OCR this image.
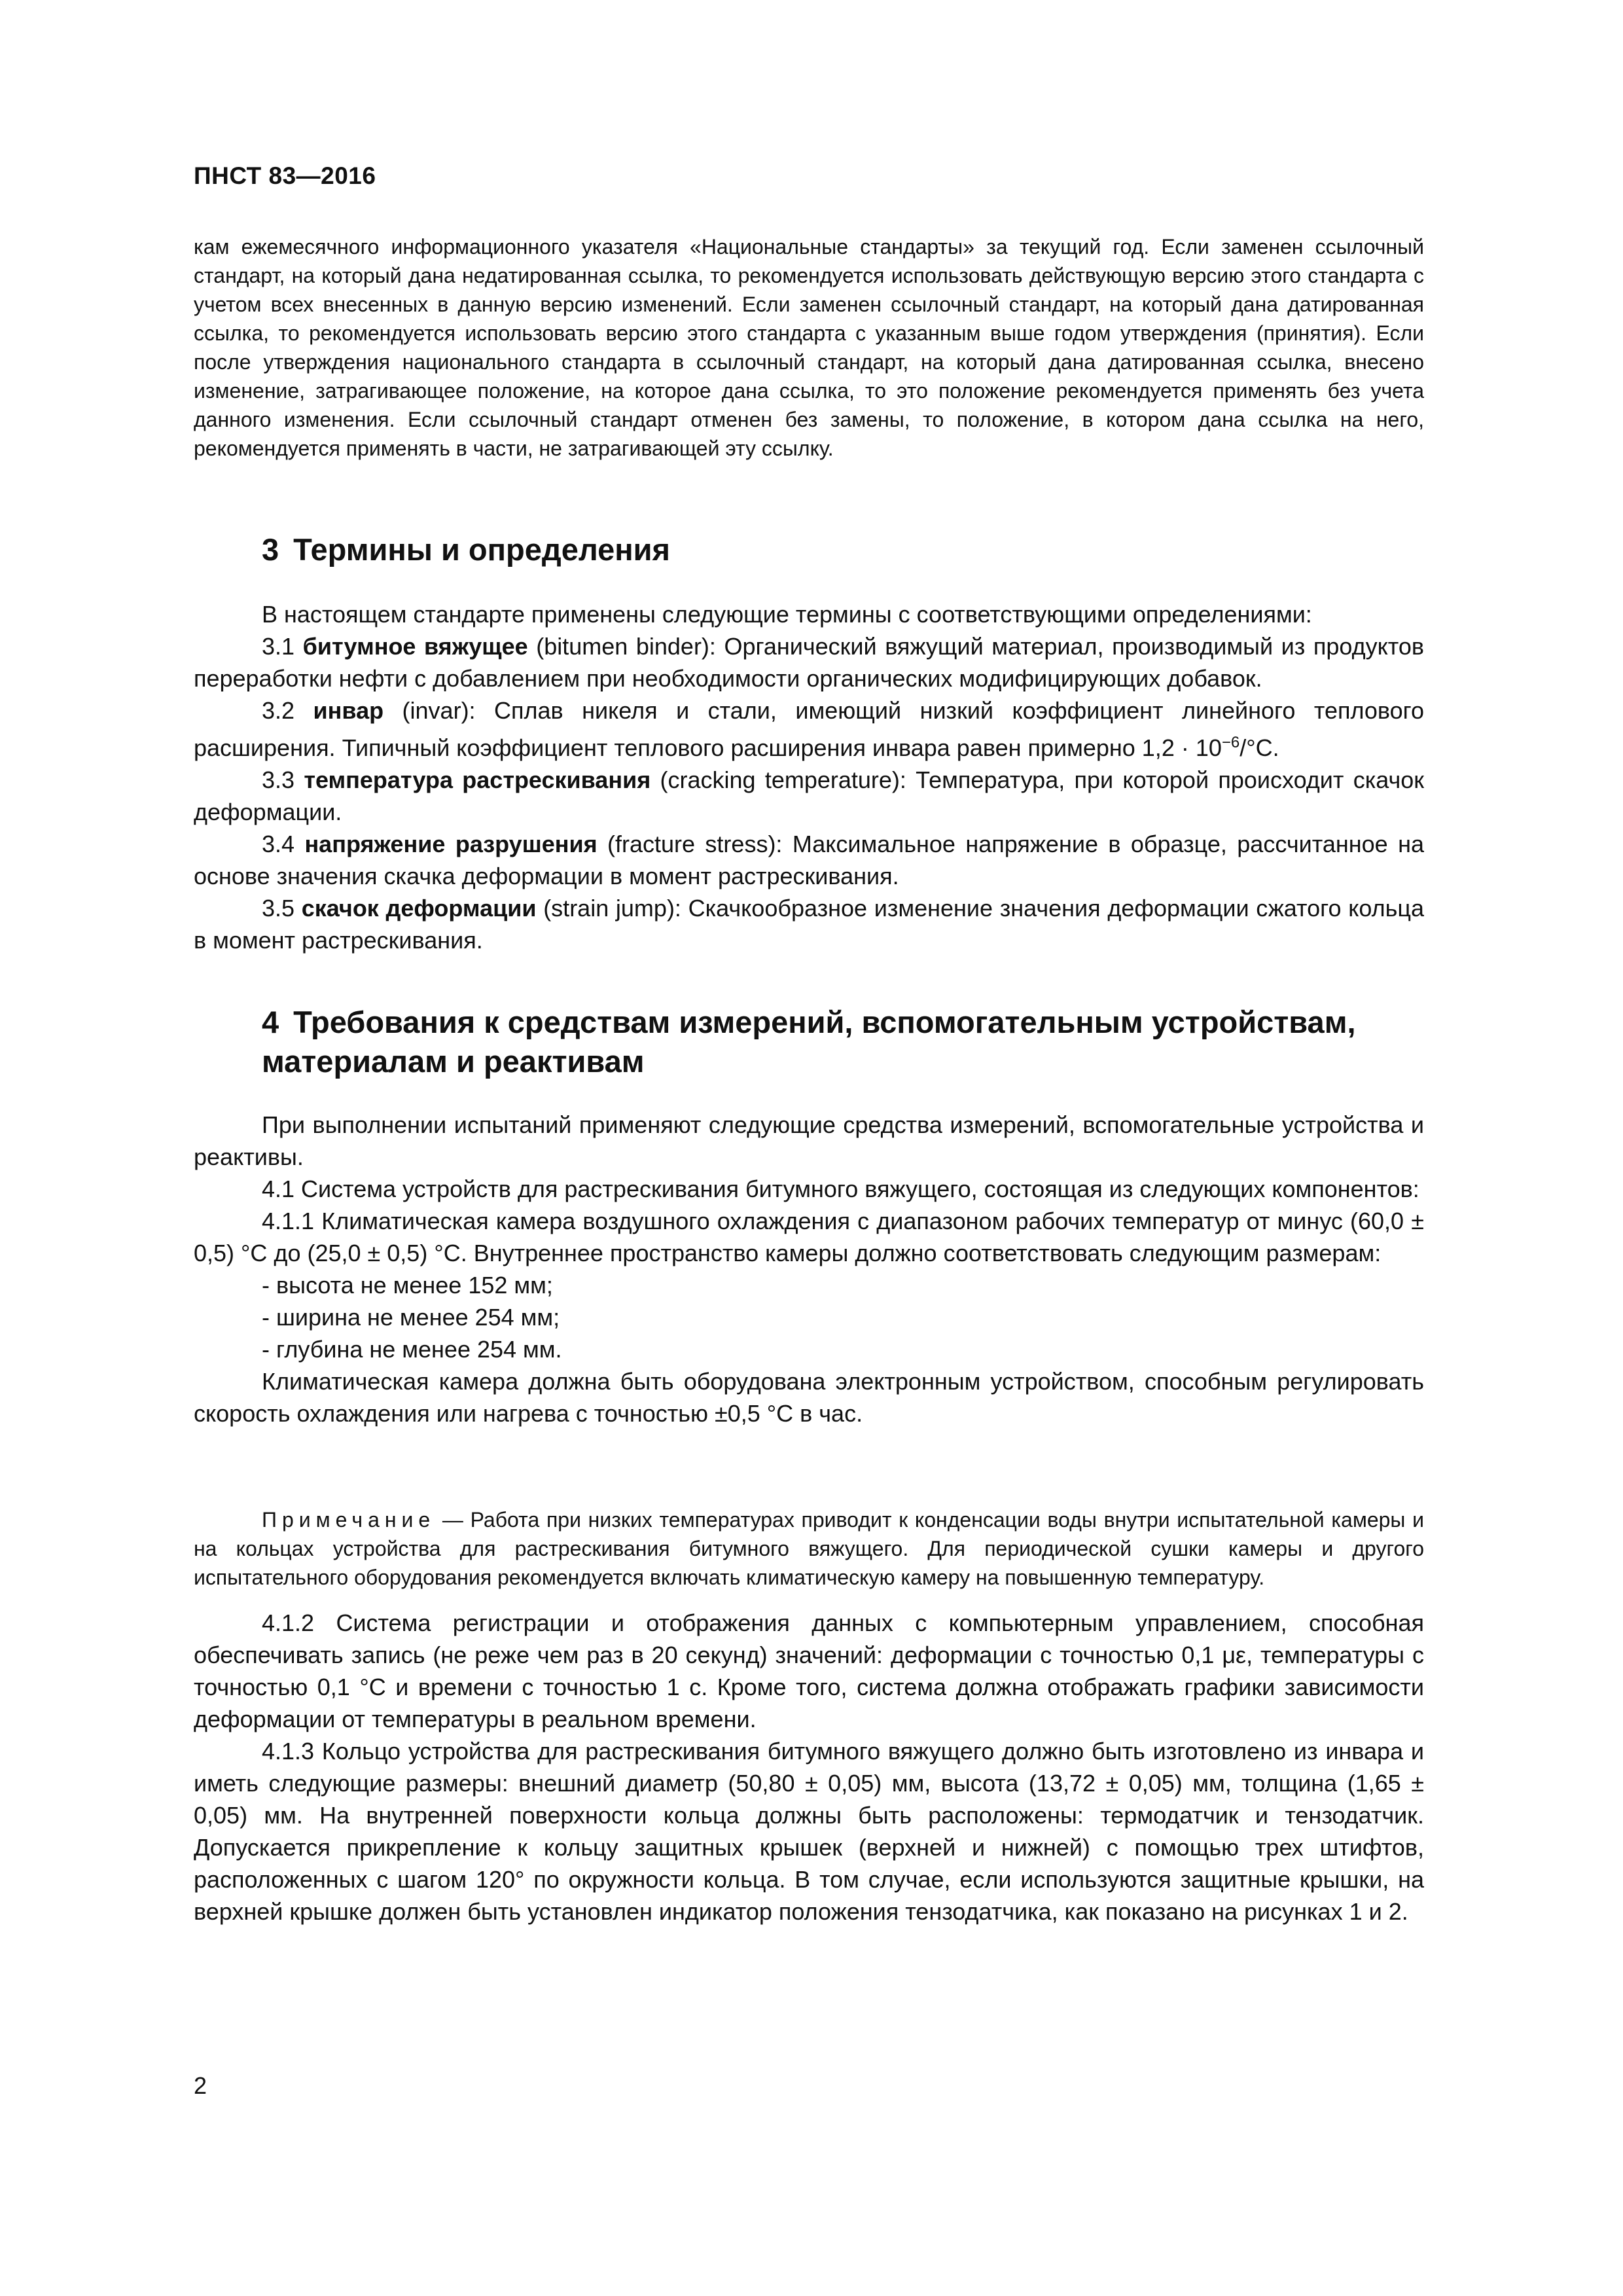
ПНСТ 83—2016

кам ежемесячного информационного указателя «Национальные стандарты» за текущий год. Если заменен ссылочный стандарт, на который дана недатированная ссылка, то рекомендуется использовать действующую версию этого стандарта с учетом всех внесенных в данную версию изменений. Если заменен ссылочный стандарт, на который дана датированная ссылка, то рекомендуется использовать версию этого стандарта с указанным выше годом утверждения (принятия). Если после утверждения национального стандарта в ссылочный стандарт, на который дана датированная ссылка, внесено изменение, затрагивающее положение, на которое дана ссылка, то это положение рекомендуется применять без учета данного изменения. Если ссылочный стандарт отменен без замены, то положение, в котором дана ссылка на него, рекомендуется применять в части, не затрагивающей эту ссылку.

3 Термины и определения

В настоящем стандарте применены следующие термины с соответствующими определениями:

3.1 битумное вяжущее (bitumen binder): Органический вяжущий материал, производимый из продуктов переработки нефти с добавлением при необходимости органических модифицирующих добавок.

3.2 инвар (invar): Сплав никеля и стали, имеющий низкий коэффициент линейного теплового расширения. Типичный коэффициент теплового расширения инвара равен примерно $1,2 \cdot 10^{-6}/^\circ С$.

3.3 температура растрескивания (cracking temperature): Температура, при которой происходит скачок деформации.

3.4 напряжение разрушения (fracture stress): Максимальное напряжение в образце, рассчитанное на основе значения скачка деформации в момент растрескивания.

3.5 скачок деформации (strain jump): Скачкообразное изменение значения деформации сжатого кольца в момент растрескивания.

4 Требования к средствам измерений, вспомогательным устройствам,
материалам и реактивам

При выполнении испытаний применяют следующие средства измерений, вспомогательные устройства и реактивы.

4.1 Система устройств для растрескивания битумного вяжущего, состоящая из следующих компонентов:

4.1.1 Климатическая камера воздушного охлаждения с диапазоном рабочих температур от минус (60,0 ± 0,5) °С до (25,0 ± 0,5) °С. Внутреннее пространство камеры должно соответствовать следующим размерам:

- высота не менее 152 мм;

- ширина не менее 254 мм;

- глубина не менее 254 мм.

Климатическая камера должна быть оборудована электронным устройством, способным регулировать скорость охлаждения или нагрева с точностью ±0,5 °С в час.

Примечание — Работа при низких температурах приводит к конденсации воды внутри испытательной камеры и на кольцах устройства для растрескивания битумного вяжущего. Для периодической сушки камеры и другого испытательного оборудования рекомендуется включать климатическую камеру на повышенную температуру.

4.1.2 Система регистрации и отображения данных с компьютерным управлением, способная обеспечивать запись (не реже чем раз в 20 секунд) значений: деформации с точностью 0,1 με, температуры с точностью 0,1 °С и времени с точностью 1 с. Кроме того, система должна отображать графики зависимости деформации от температуры в реальном времени.

4.1.3 Кольцо устройства для растрескивания битумного вяжущего должно быть изготовлено из инвара и иметь следующие размеры: внешний диаметр (50,80 ± 0,05) мм, высота (13,72 ± 0,05) мм, толщина (1,65 ± 0,05) мм. На внутренней поверхности кольца должны быть расположены: термодатчик и тензодатчик. Допускается прикрепление к кольцу защитных крышек (верхней и нижней) с помощью трех штифтов, расположенных с шагом 120° по окружности кольца. В том случае, если используются защитные крышки, на верхней крышке должен быть установлен индикатор положения тензодатчика, как показано на рисунках 1 и 2.

2
